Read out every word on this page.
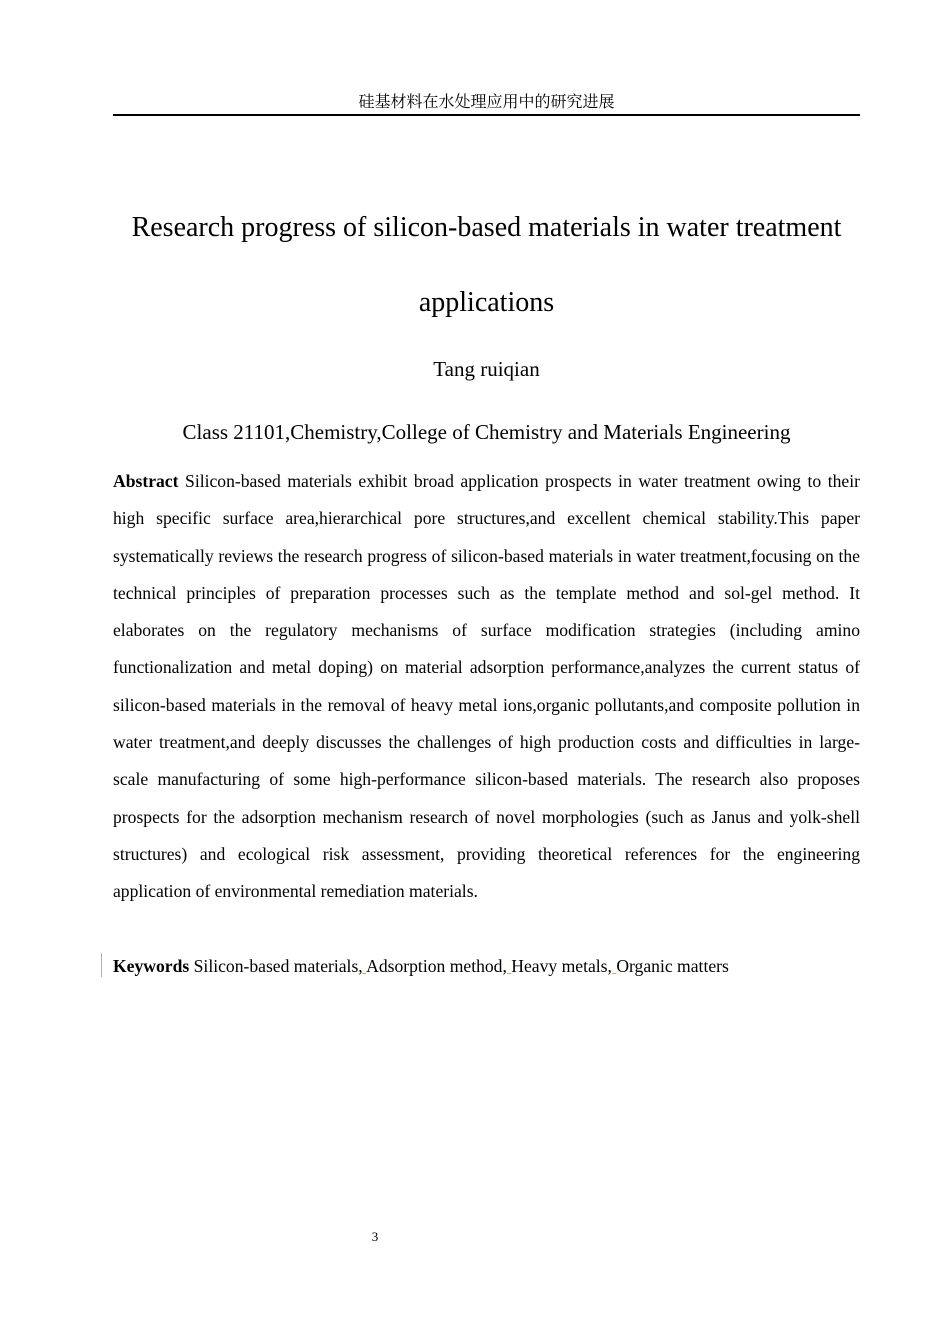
硅基材料在水处理应用中的研究进展
Research progress of silicon-based materials in water treatment
applications
Tang ruiqian
Class 21101,Chemistry,College of Chemistry and Materials Engineering

Abstract Silicon-based materials exhibit broad application prospects in water treatment owing to their high specific surface area,hierarchical pore structures,and excellent chemical stability.This paper systematically reviews the research progress of silicon-based materials in water treatment,focusing on the technical principles of preparation processes such as the template method and sol-gel method. It elaborates on the regulatory mechanisms of surface modification strategies (including amino functionalization and metal doping) on material adsorption performance,analyzes the current status of silicon-based materials in the removal of heavy metal ions,organic pollutants,and composite pollution in water treatment,and deeply discusses the challenges of high production costs and difficulties in large-scale manufacturing of some high-performance silicon-based materials. The research also proposes prospects for the adsorption mechanism research of novel morphologies (such as Janus and yolk-shell structures) and ecological risk assessment, providing theoretical references for the engineering application of environmental remediation materials.

Keywords Silicon-based materials, Adsorption method, Heavy metals, Organic matters

3
